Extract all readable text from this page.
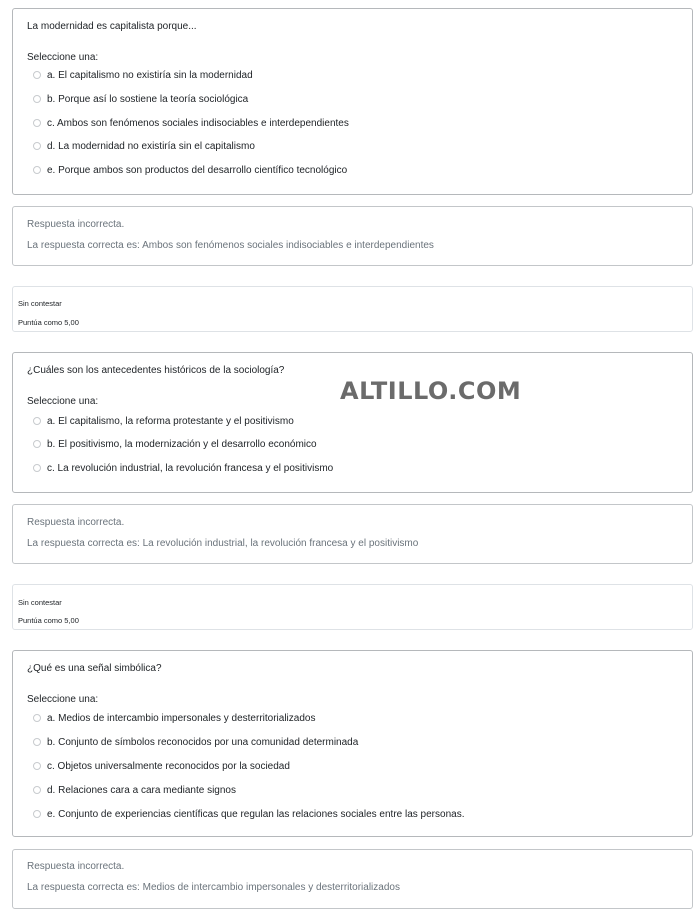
La modernidad es capitalista porque...
Seleccione una:
a. El capitalismo no existiría sin la modernidad
b. Porque así lo sostiene la teoría sociológica
c. Ambos son fenómenos sociales indisociables e interdependientes
d. La modernidad no existiría sin el capitalismo
e. Porque ambos son productos del desarrollo científico tecnológico
Respuesta incorrecta.
La respuesta correcta es: Ambos son fenómenos sociales indisociables e interdependientes
Sin contestar
Puntúa como 5,00
¿Cuáles son los antecedentes históricos de la sociología?
Seleccione una:
a. El capitalismo, la reforma protestante y el positivismo
b. El positivismo, la modernización y el desarrollo económico
c. La revolución industrial, la revolución francesa y el positivismo
Respuesta incorrecta.
La respuesta correcta es: La revolución industrial, la revolución francesa y el positivismo
Sin contestar
Puntúa como 5,00
¿Qué es una señal simbólica?
Seleccione una:
a. Medios de intercambio impersonales y desterritorializados
b. Conjunto de símbolos reconocidos por una comunidad determinada
c. Objetos universalmente reconocidos por la sociedad
d. Relaciones cara a cara mediante signos
e. Conjunto de experiencias científicas que regulan las relaciones sociales entre las personas.
Respuesta incorrecta.
La respuesta correcta es: Medios de intercambio impersonales y desterritorializados
ALTILLO.COM
